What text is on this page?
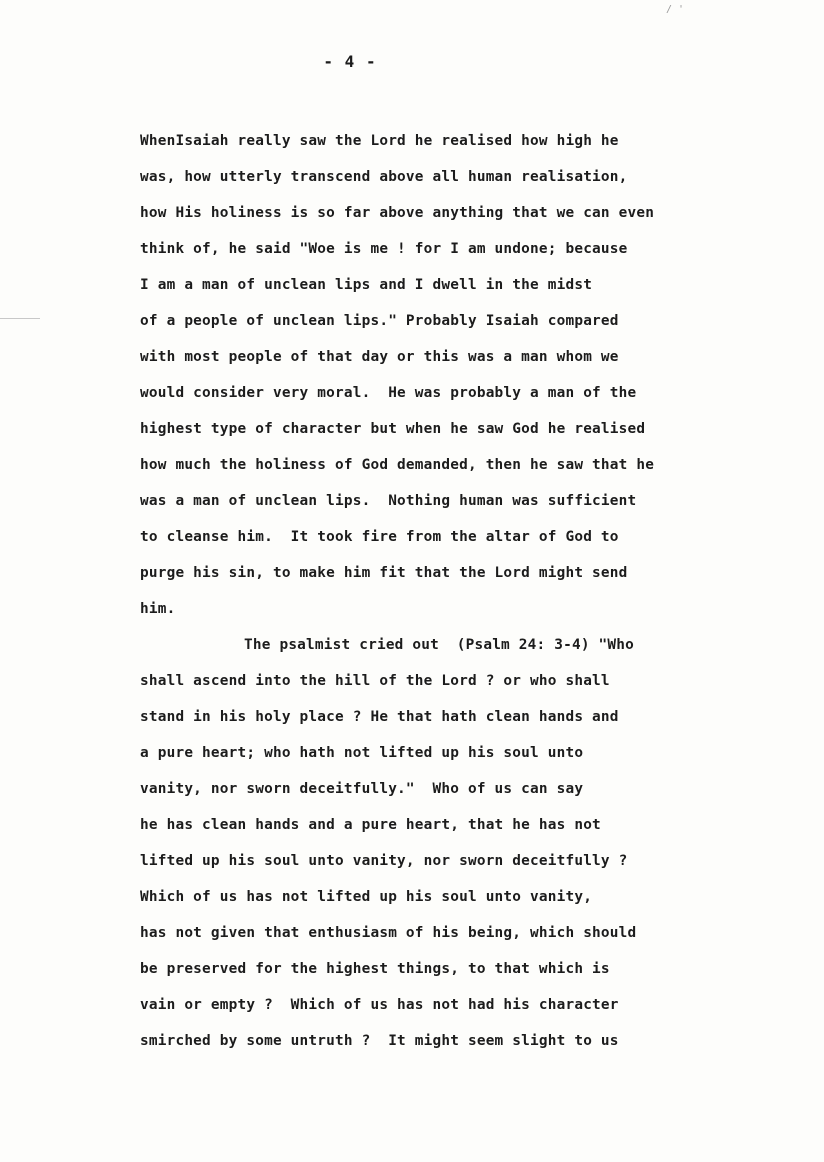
/ '
- 4 -
WhenIsaiah really saw the Lord he realised how high he
was, how utterly transcend above all human realisation,
how His holiness is so far above anything that we can even
think of, he said "Woe is me ! for I am undone; because
I am a man of unclean lips and I dwell in the midst
of a people of unclean lips." Probably Isaiah compared
with most people of that day or this was a man whom we
would consider very moral.  He was probably a man of the
highest type of character but when he saw God he realised
how much the holiness of God demanded, then he saw that he
was a man of unclean lips.  Nothing human was sufficient
to cleanse him.  It took fire from the altar of God to
purge his sin, to make him fit that the Lord might send
him.
The psalmist cried out  (Psalm 24: 3-4) "Who
shall ascend into the hill of the Lord ? or who shall
stand in his holy place ? He that hath clean hands and
a pure heart; who hath not lifted up his soul unto
vanity, nor sworn deceitfully."  Who of us can say
he has clean hands and a pure heart, that he has not
lifted up his soul unto vanity, nor sworn deceitfully ?
Which of us has not lifted up his soul unto vanity,
has not given that enthusiasm of his being, which should
be preserved for the highest things, to that which is
vain or empty ?  Which of us has not had his character
smirched by some untruth ?  It might seem slight to us
